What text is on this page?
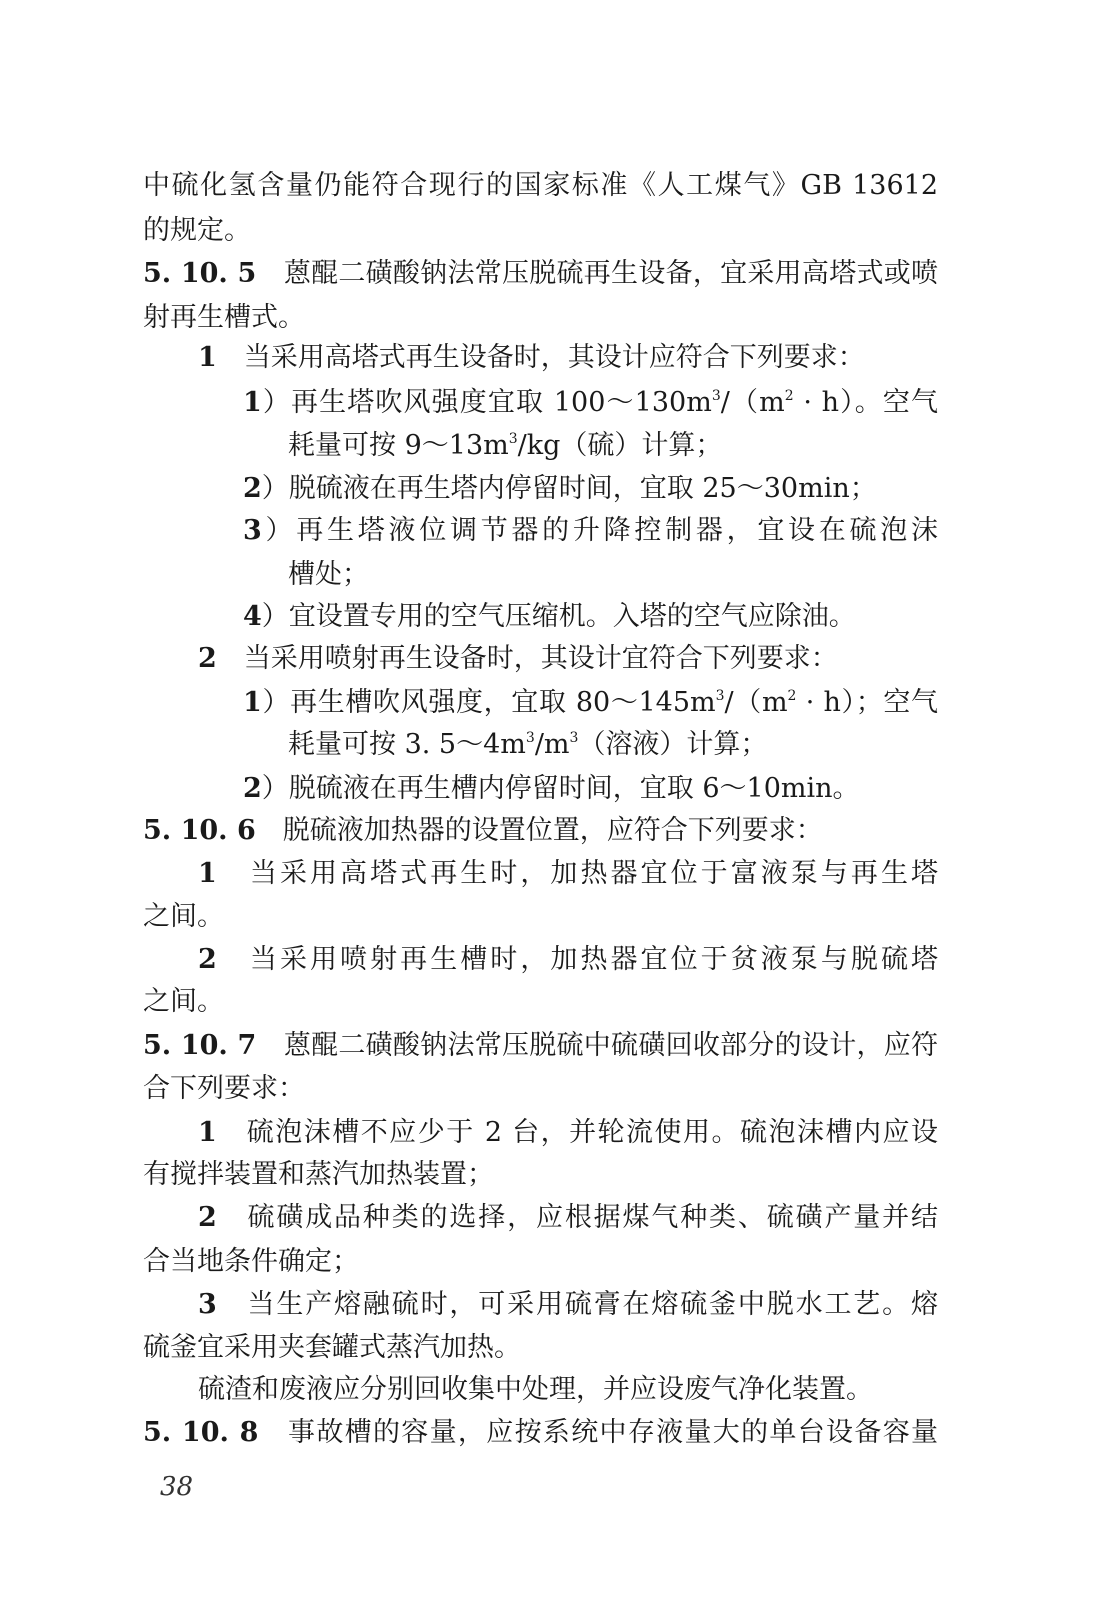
中硫化氢含量仍能符合现行的国家标准《人工煤气》GB 13612
的规定。
5. 10. 5　蒽醌二磺酸钠法常压脱硫再生设备，宜采用高塔式或喷
射再生槽式。
1　当采用高塔式再生设备时，其设计应符合下列要求：
1）再生塔吹风强度宜取 $100\sim 130m^3/(m^2 \cdot h)$。空气
耗量可按 $9\sim 13m^3/kg$（硫）计算；
2）脱硫液在再生塔内停留时间，宜取 25～30min；
3）再生塔液位调节器的升降控制器，宜设在硫泡沫
槽处；
4）宜设置专用的空气压缩机。入塔的空气应除油。
2　当采用喷射再生设备时，其设计宜符合下列要求：
1）再生槽吹风强度，宜取 $80\sim 145m^3/(m^2 \cdot h)$；空气
耗量可按 3. $5\sim 4m^3/m^3$（溶液）计算；
2）脱硫液在再生槽内停留时间，宜取 6～10min。
5. 10. 6　脱硫液加热器的设置位置，应符合下列要求：
1　当采用高塔式再生时，加热器宜位于富液泵与再生塔
之间。
2　当采用喷射再生槽时，加热器宜位于贫液泵与脱硫塔
之间。
5. 10. 7　蒽醌二磺酸钠法常压脱硫中硫磺回收部分的设计，应符
合下列要求：
1　硫泡沫槽不应少于 2 台，并轮流使用。硫泡沫槽内应设
有搅拌装置和蒸汽加热装置；
2　硫磺成品种类的选择，应根据煤气种类、硫磺产量并结
合当地条件确定；
3　当生产熔融硫时，可采用硫膏在熔硫釜中脱水工艺。熔
硫釜宜采用夹套罐式蒸汽加热。
硫渣和废液应分别回收集中处理，并应设废气净化装置。
5. 10. 8　事故槽的容量，应按系统中存液量大的单台设备容量
38
